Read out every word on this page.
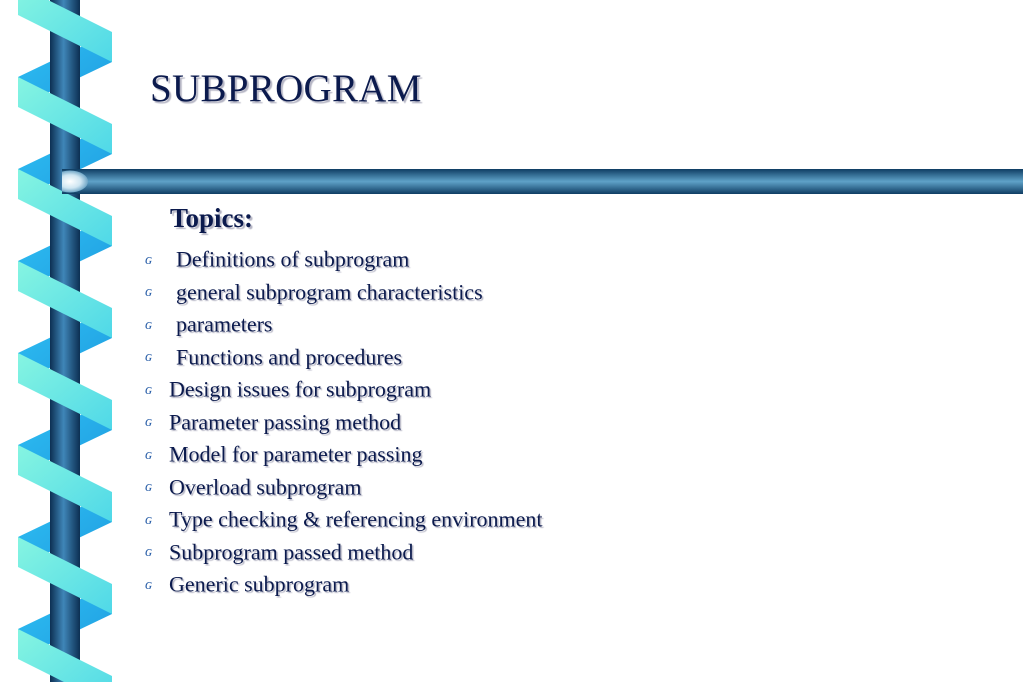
SUBPROGRAM
Topics:
ɢ Definitions of subprogram
ɢ general subprogram characteristics
ɢ parameters
ɢ Functions and procedures
ɢ Design issues for subprogram
ɢ Parameter passing method
ɢ Model for parameter passing
ɢ Overload subprogram
ɢ Type checking & referencing environment
ɢ Subprogram passed method
ɢ Generic subprogram
